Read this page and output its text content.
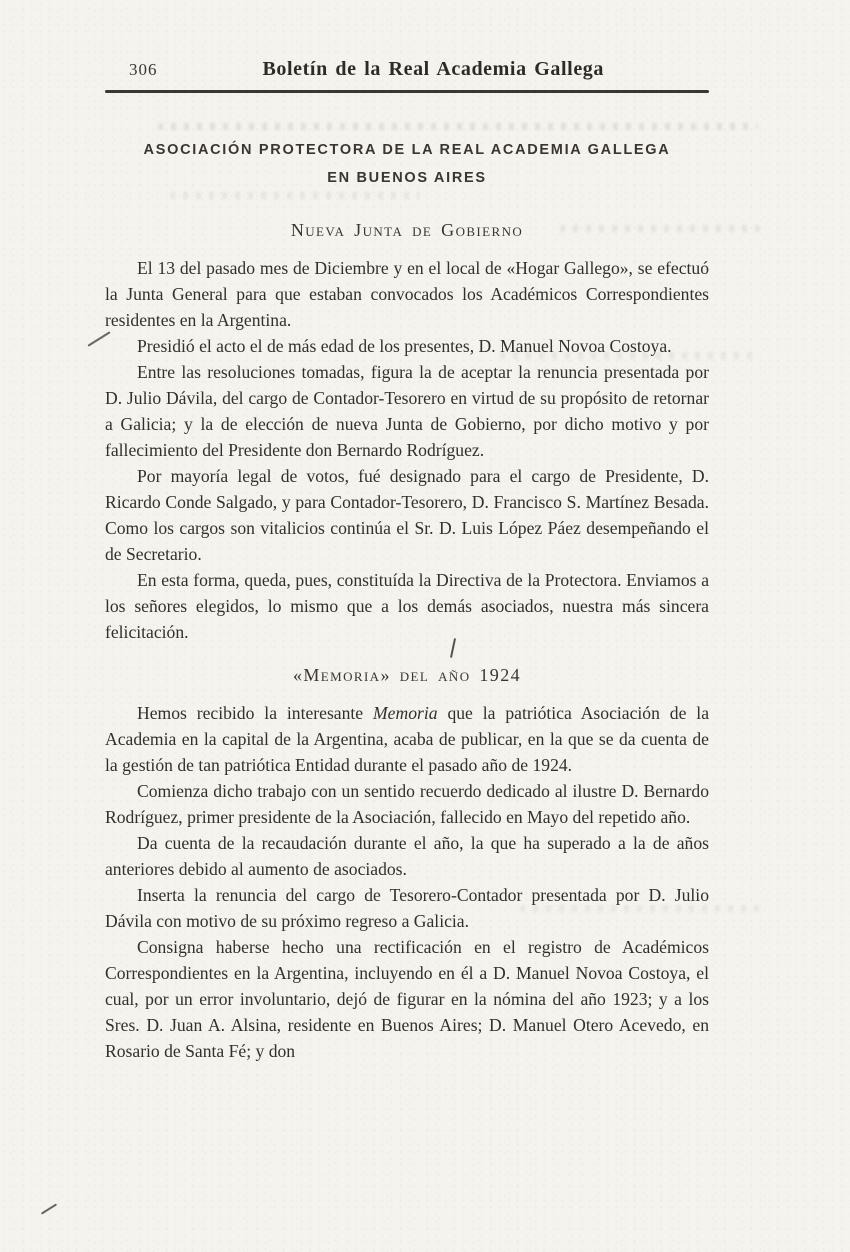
306	Boletín de la Real Academia Gallega
ASOCIACIÓN PROTECTORA DE LA REAL ACADEMIA GALLEGA
EN BUENOS AIRES
Nueva Junta de Gobierno

El 13 del pasado mes de Diciembre y en el local de «Hogar Gallego», se efectuó la Junta General para que estaban convocados los Académicos Correspondientes residentes en la Argentina.

Presidió el acto el de más edad de los presentes, D. Manuel Novoa Costoya.

Entre las resoluciones tomadas, figura la de aceptar la renuncia presentada por D. Julio Dávila, del cargo de Contador-Tesorero en virtud de su propósito de retornar a Galicia; y la de elección de nueva Junta de Gobierno, por dicho motivo y por fallecimiento del Presidente don Bernardo Rodríguez.

Por mayoría legal de votos, fué designado para el cargo de Presidente, D. Ricardo Conde Salgado, y para Contador-Tesorero, D. Francisco S. Martínez Besada. Como los cargos son vitalicios continúa el Sr. D. Luis López Páez desempeñando el de Secretario.

En esta forma, queda, pues, constituída la Directiva de la Protectora. Enviamos a los señores elegidos, lo mismo que a los demás asociados, nuestra más sincera felicitación.

«Memoria» del año 1924

Hemos recibido la interesante Memoria que la patriótica Asociación de la Academia en la capital de la Argentina, acaba de publicar, en la que se da cuenta de la gestión de tan patriótica Entidad durante el pasado año de 1924.

Comienza dicho trabajo con un sentido recuerdo dedicado al ilustre D. Bernardo Rodríguez, primer presidente de la Asociación, fallecido en Mayo del repetido año.

Da cuenta de la recaudación durante el año, la que ha superado a la de años anteriores debido al aumento de asociados.

Inserta la renuncia del cargo de Tesorero-Contador presentada por D. Julio Dávila con motivo de su próximo regreso a Galicia.

Consigna haberse hecho una rectificación en el registro de Académicos Correspondientes en la Argentina, incluyendo en él a D. Manuel Novoa Costoya, el cual, por un error involuntario, dejó de figurar en la nómina del año 1923; y a los Sres. D. Juan A. Alsina, residente en Buenos Aires; D. Manuel Otero Acevedo, en Rosario de Santa Fé; y don
